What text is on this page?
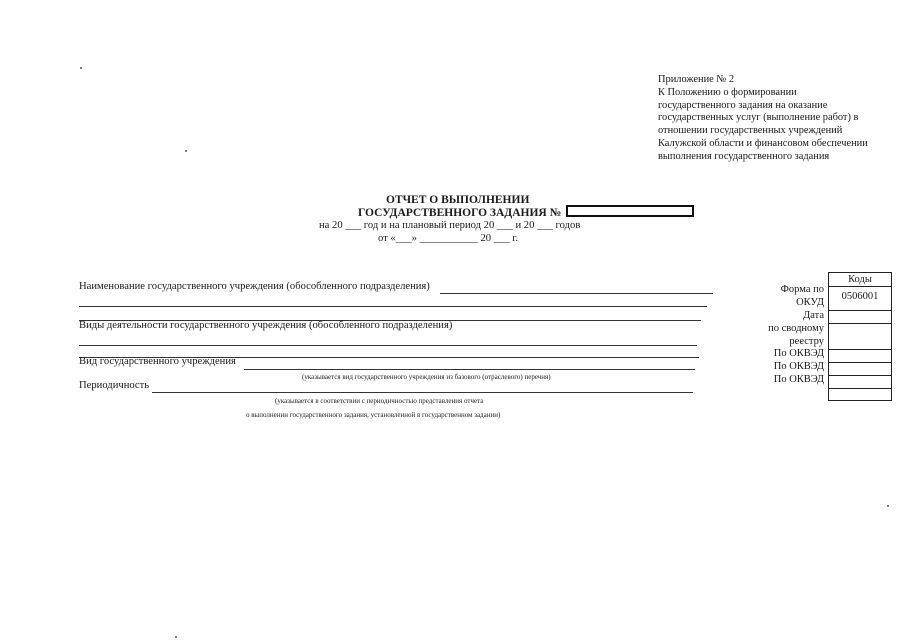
Приложение № 2
К Положению о формировании
государственного задания на оказание
государственных услуг (выполнение работ) в
отношении государственных учреждений
Калужской области и финансовом обеспечении
выполнения государственного задания
ОТЧЕТ О ВЫПОЛНЕНИИ
ГОСУДАРСТВЕННОГО ЗАДАНИЯ №
на 20 ___ год и на плановый период 20 ___ и 20 ___ годов
от «___» ___________ 20 ___ г.
Наименование государственного учреждения (обособленного подразделения)
Виды деятельности государственного учреждения (обособленного подразделения)
Вид государственного учреждения
(указывается вид государственного учреждения из базового (отраслевого) перечня)
Периодичность
(указывается в соответствии с периодичностью представления отчета
о выполнении государственного задания, установленной в государственном задании)
Форма по
ОКУД
Дата
по сводному
реестру
По ОКВЭД
По ОКВЭД
По ОКВЭД
Коды
0506001
